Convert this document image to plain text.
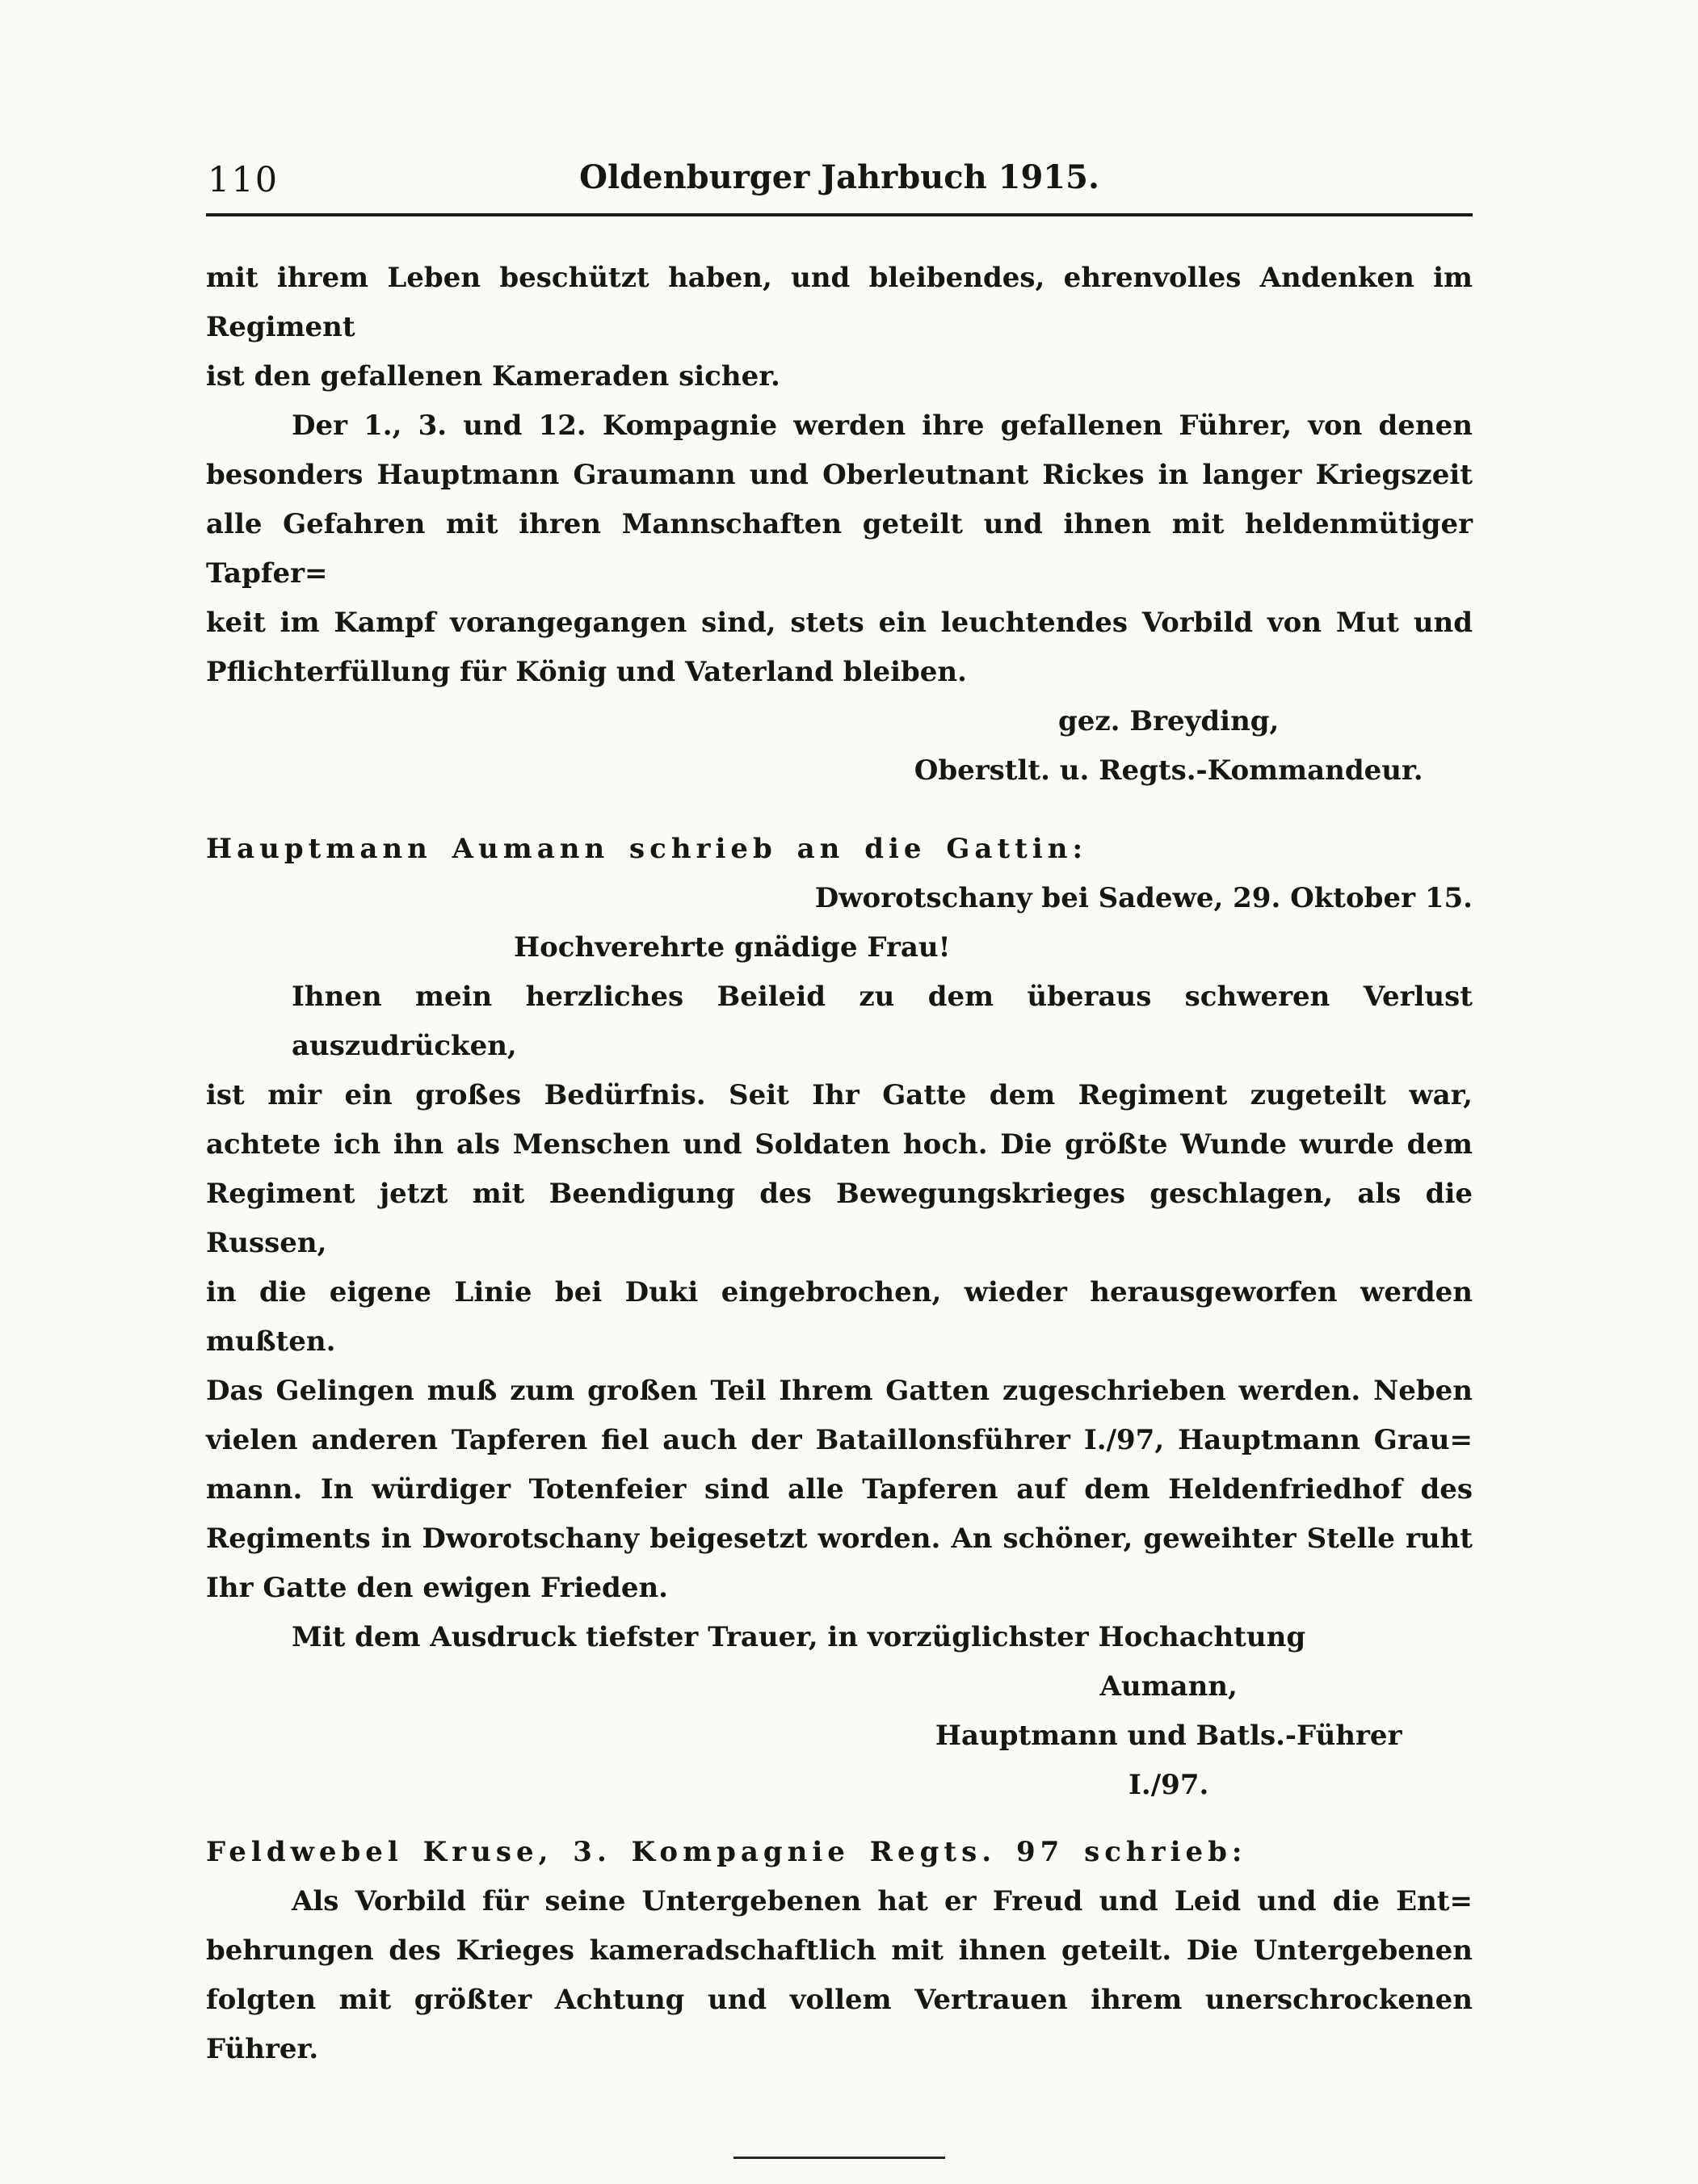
110	Oldenburger Jahrbuch 1915.
mit ihrem Leben beschützt haben, und bleibendes, ehrenvolles Andenken im Regiment
ist den gefallenen Kameraden sicher.
Der 1., 3. und 12. Kompagnie werden ihre gefallenen Führer, von denen
besonders Hauptmann Graumann und Oberleutnant Rickes in langer Kriegszeit
alle Gefahren mit ihren Mannschaften geteilt und ihnen mit heldenmütiger Tapfer=
keit im Kampf vorangegangen sind, stets ein leuchtendes Vorbild von Mut und
Pflichterfüllung für König und Vaterland bleiben.
gez. Breyding,
Oberstlt. u. Regts.-Kommandeur.
Hauptmann Aumann schrieb an die Gattin:
Dworotschany bei Sadewe, 29. Oktober 15.
Hochverehrte gnädige Frau!
Ihnen mein herzliches Beileid zu dem überaus schweren Verlust auszudrücken,
ist mir ein großes Bedürfnis. Seit Ihr Gatte dem Regiment zugeteilt war,
achtete ich ihn als Menschen und Soldaten hoch. Die größte Wunde wurde dem
Regiment jetzt mit Beendigung des Bewegungskrieges geschlagen, als die Russen,
in die eigene Linie bei Duki eingebrochen, wieder herausgeworfen werden mußten.
Das Gelingen muß zum großen Teil Ihrem Gatten zugeschrieben werden. Neben
vielen anderen Tapferen fiel auch der Bataillonsführer I./97, Hauptmann Grau=
mann. In würdiger Totenfeier sind alle Tapferen auf dem Heldenfriedhof des
Regiments in Dworotschany beigesetzt worden. An schöner, geweihter Stelle ruht
Ihr Gatte den ewigen Frieden.
Mit dem Ausdruck tiefster Trauer, in vorzüglichster Hochachtung
Aumann,
Hauptmann und Batls.-Führer
I./97.
Feldwebel Kruse, 3. Kompagnie Regts. 97 schrieb:
Als Vorbild für seine Untergebenen hat er Freud und Leid und die Ent=
behrungen des Krieges kameradschaftlich mit ihnen geteilt. Die Untergebenen
folgten mit größter Achtung und vollem Vertrauen ihrem unerschrockenen Führer.
